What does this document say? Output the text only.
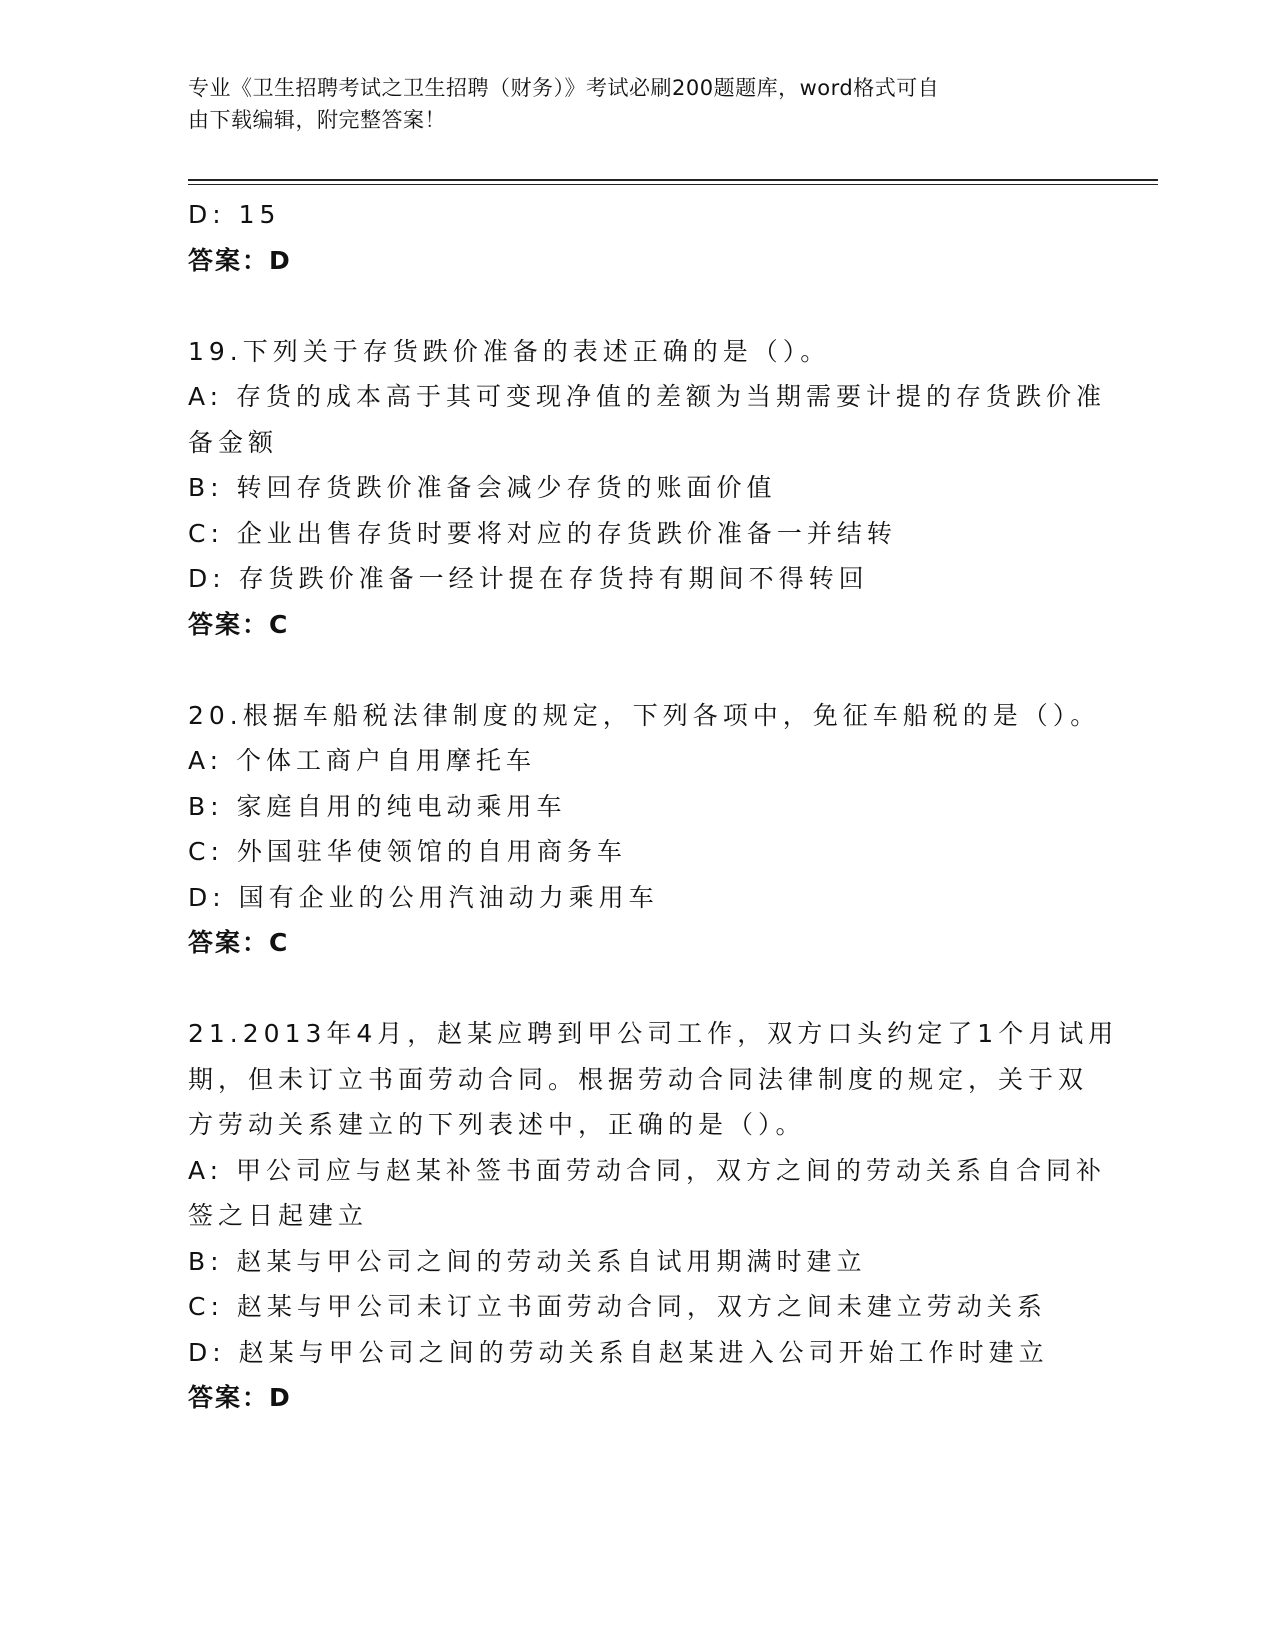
专业《卫生招聘考试之卫生招聘（财务）》考试必刷200题题库，word格式可自
由下载编辑，附完整答案！
D: 15
答案：D
19.下列关于存货跌价准备的表述正确的是（）。
A: 存货的成本高于其可变现净值的差额为当期需要计提的存货跌价准
备金额
B: 转回存货跌价准备会减少存货的账面价值
C: 企业出售存货时要将对应的存货跌价准备一并结转
D: 存货跌价准备一经计提在存货持有期间不得转回
答案：C
20.根据车船税法律制度的规定，下列各项中，免征车船税的是（）。
A: 个体工商户自用摩托车
B: 家庭自用的纯电动乘用车
C: 外国驻华使领馆的自用商务车
D: 国有企业的公用汽油动力乘用车
答案：C
21.2013年4月，赵某应聘到甲公司工作，双方口头约定了1个月试用
期，但未订立书面劳动合同。根据劳动合同法律制度的规定，关于双
方劳动关系建立的下列表述中，正确的是（）。
A: 甲公司应与赵某补签书面劳动合同，双方之间的劳动关系自合同补
签之日起建立
B: 赵某与甲公司之间的劳动关系自试用期满时建立
C: 赵某与甲公司未订立书面劳动合同，双方之间未建立劳动关系
D: 赵某与甲公司之间的劳动关系自赵某进入公司开始工作时建立
答案：D
